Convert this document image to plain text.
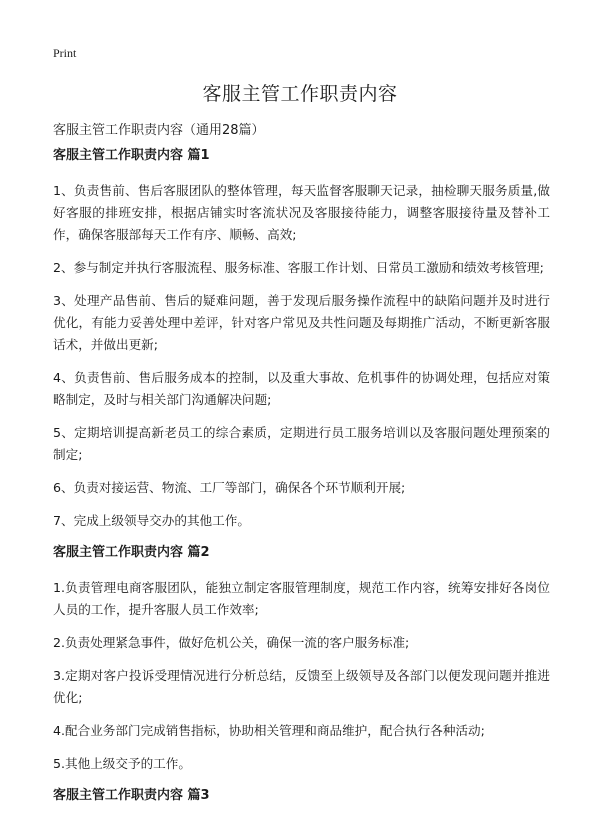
Print
客服主管工作职责内容
客服主管工作职责内容（通用28篇）
客服主管工作职责内容 篇1

1、负责售前、售后客服团队的整体管理，每天监督客服聊天记录，抽检聊天服务质量,做好客服的排班安排，根据店铺实时客流状况及客服接待能力，调整客服接待量及替补工作，确保客服部每天工作有序、顺畅、高效;

2、参与制定并执行客服流程、服务标准、客服工作计划、日常员工激励和绩效考核管理;

3、处理产品售前、售后的疑难问题，善于发现后服务操作流程中的缺陷问题并及时进行优化，有能力妥善处理中差评，针对客户常见及共性问题及每期推广活动，不断更新客服话术，并做出更新;

4、负责售前、售后服务成本的控制，以及重大事故、危机事件的协调处理，包括应对策略制定，及时与相关部门沟通解决问题;

5、定期培训提高新老员工的综合素质，定期进行员工服务培训以及客服问题处理预案的制定;

6、负责对接运营、物流、工厂等部门，确保各个环节顺利开展;

7、完成上级领导交办的其他工作。

客服主管工作职责内容 篇2

1.负责管理电商客服团队，能独立制定客服管理制度，规范工作内容，统筹安排好各岗位人员的工作，提升客服人员工作效率;

2.负责处理紧急事件，做好危机公关，确保一流的客户服务标准;

3.定期对客户投诉受理情况进行分析总结，反馈至上级领导及各部门以便发现问题并推进优化;

4.配合业务部门完成销售指标，协助相关管理和商品维护，配合执行各种活动;

5.其他上级交予的工作。

客服主管工作职责内容 篇3
